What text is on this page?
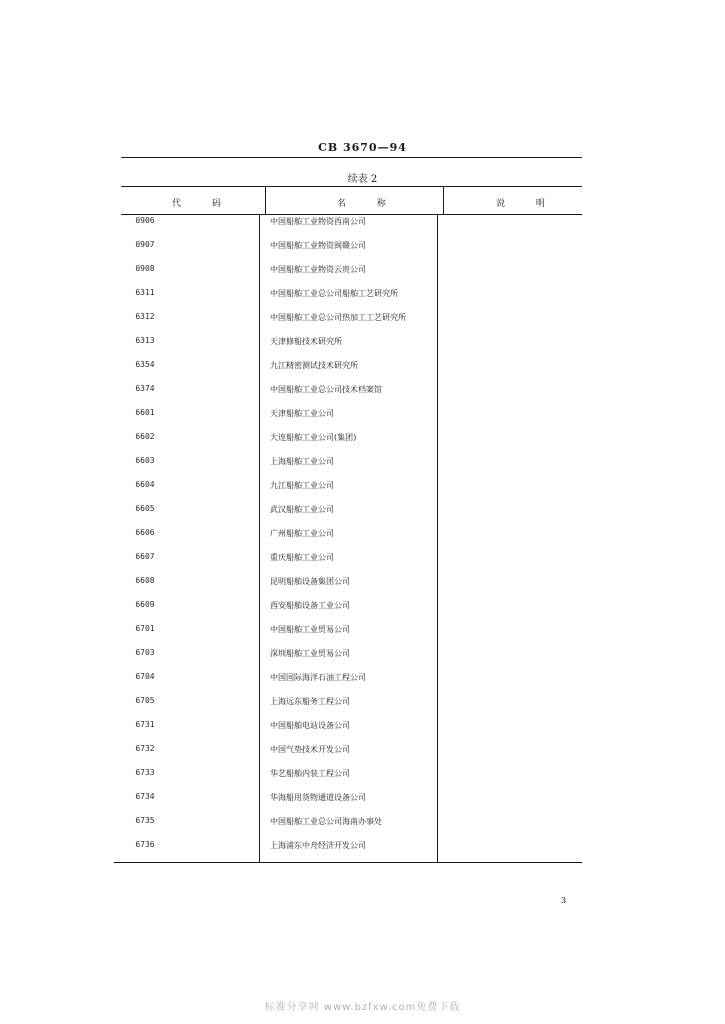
CB 3670—94
续表 2
代 码	名 称	说 明
0906	中国船舶工业物资西南公司
0907	中国船舶工业物资闽赣公司
0908	中国船舶工业物资云贵公司
6311	中国船舶工业总公司船舶工艺研究所
6312	中国船舶工业总公司热加工工艺研究所
6313	天津修船技术研究所
6354	九江精密测试技术研究所
6374	中国船舶工业总公司技术档案馆
6601	天津船舶工业公司
6602	大连船舶工业公司(集团)
6603	上海船舶工业公司
6604	九江船舶工业公司
6605	武汉船舶工业公司
6606	广州船舶工业公司
6607	重庆船舶工业公司
6608	昆明船舶设备集团公司
6609	西安船舶设备工业公司
6701	中国船舶工业贸易公司
6703	深圳船舶工业贸易公司
6704	中国国际海洋石油工程公司
6705	上海远东船务工程公司
6731	中国船舶电站设备公司
6732	中国气垫技术开发公司
6733	华艺船舶内装工程公司
6734	华海船用货物通道设备公司
6735	中国船舶工业总公司海南办事处
6736	上海浦东中舟经济开发公司
3
标准分享网 www.bzfxw.com免费下载
